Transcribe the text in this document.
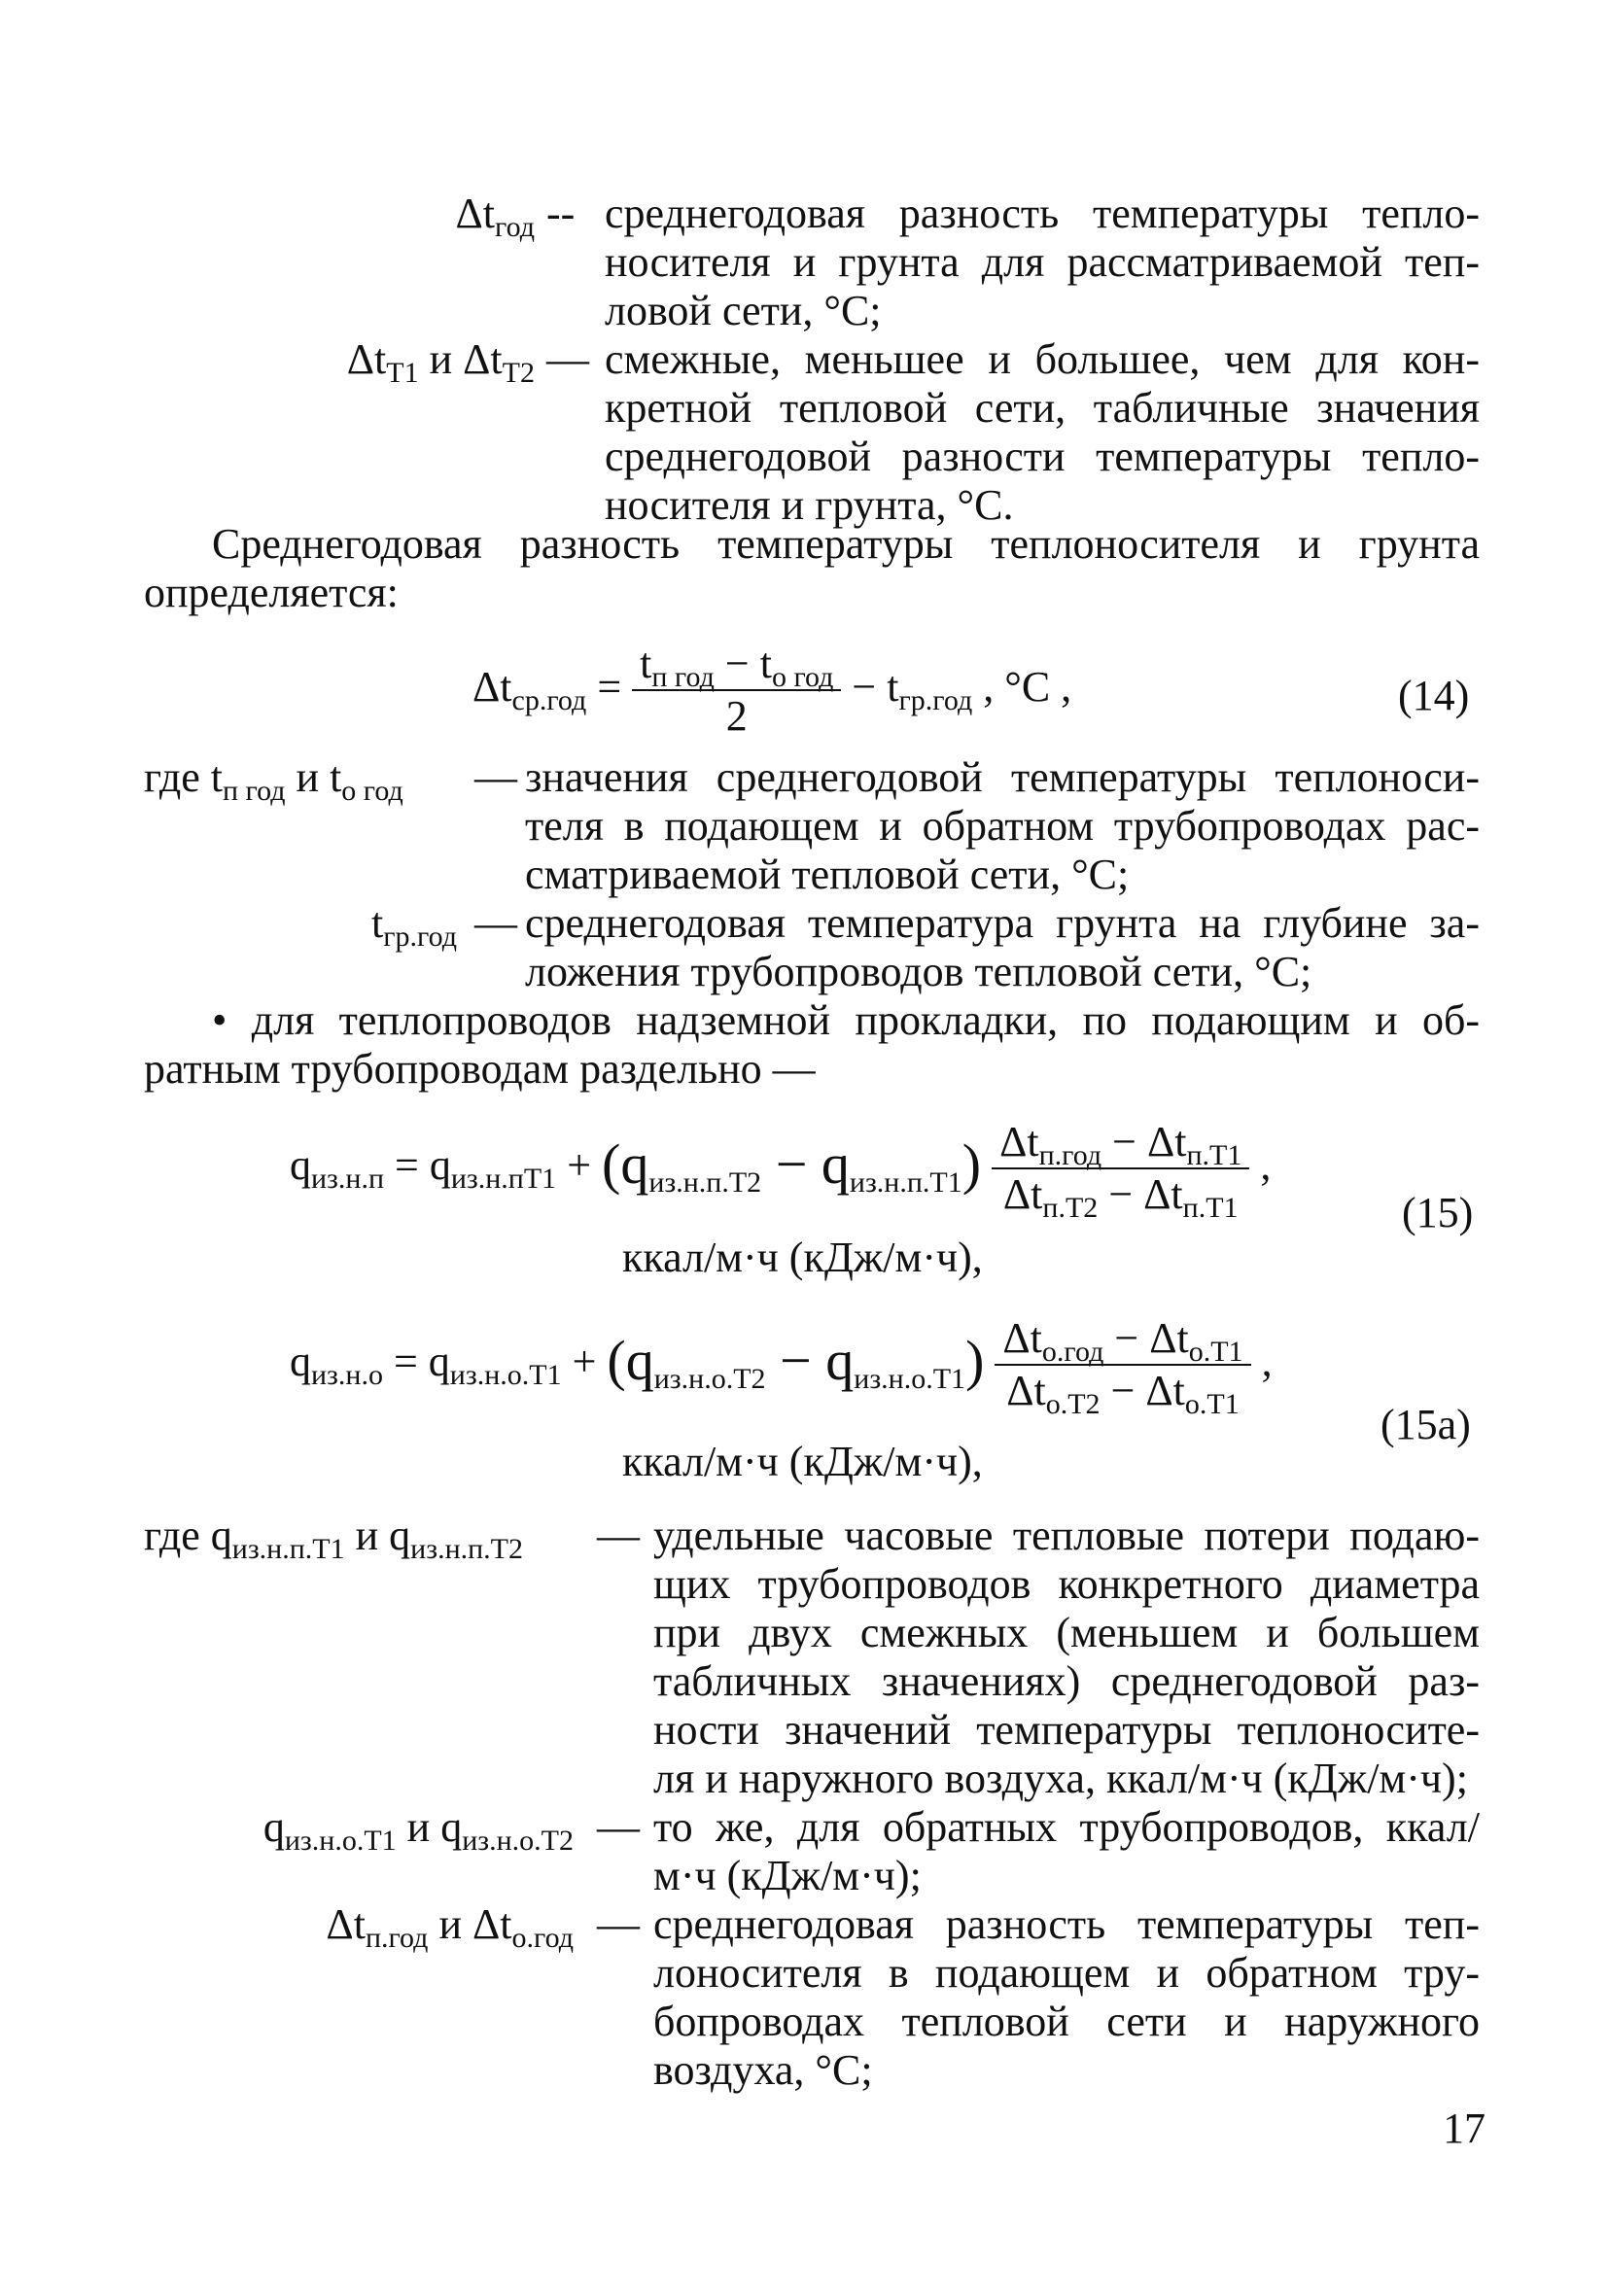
$\Delta t_{год}$ -- среднегодовая разность температуры тепло-
носителя и грунта для рассматриваемой теп-
ловой сети, °С;
$\Delta t_{T1}$ и $\Delta t_{T2}$ — смежные, меньшее и большее, чем для кон-
кретной тепловой сети, табличные значения
среднегодовой разности температуры тепло-
носителя и грунта, °С.
Среднегодовая разность температуры теплоносителя и грунта
определяется:
$\Delta t_{ср.год} = \frac{t_{п год} - t_{о год}}{2} - t_{гр.год}$ , °С ,	(14)
где $t_{п год}$ и $t_{о год}$ — значения среднегодовой температуры теплоноси-
теля в подающем и обратном трубопроводах рас-
сматриваемой тепловой сети, °С;
$t_{гр.год}$ — среднегодовая температура грунта на глубине за-
ложения трубопроводов тепловой сети, °С;
• для теплопроводов надземной прокладки, по подающим и об-
ратным трубопроводам раздельно —
$q_{из.н.п} = q_{из.н.пT1} + (q_{из.н.п.T2} - q_{из.н.п.T1}) \frac{\Delta t_{п.год} - \Delta t_{п.T1}}{\Delta t_{п.T2} - \Delta t_{п.T1}}$ ,
(15)
ккал/м·ч (кДж/м·ч),
$q_{из.н.о} = q_{из.н.о.T1} + (q_{из.н.о.T2} - q_{из.н.о.T1}) \frac{\Delta t_{о.год} - \Delta t_{о.T1}}{\Delta t_{о.T2} - \Delta t_{о.T1}}$ ,
(15a)
ккал/м·ч (кДж/м·ч),
где $q_{из.н.п.T1}$ и $q_{из.н.п.T2}$ — удельные часовые тепловые потери подаю-
щих трубопроводов конкретного диаметра
при двух смежных (меньшем и большем
табличных значениях) среднегодовой раз-
ности значений температуры теплоносите-
ля и наружного воздуха, ккал/м·ч (кДж/м·ч);
$q_{из.н.о.T1}$ и $q_{из.н.о.T2}$ — то же, для обратных трубопроводов, ккал/
м·ч (кДж/м·ч);
$\Delta t_{п.год}$ и $\Delta t_{о.год}$ — среднегодовая разность температуры теп-
лоносителя в подающем и обратном тру-
бопроводах тепловой сети и наружного
воздуха, °С;
17
